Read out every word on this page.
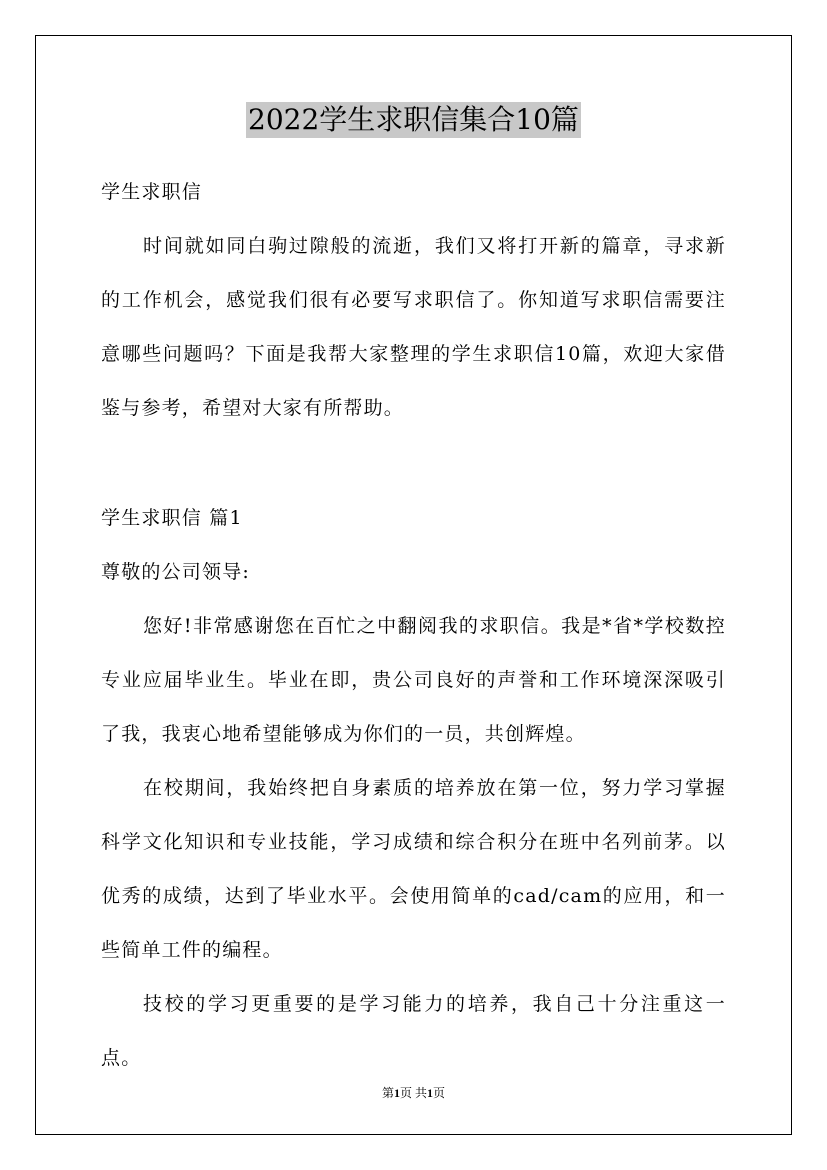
2022学生求职信集合10篇

学生求职信

时间就如同白驹过隙般的流逝，我们又将打开新的篇章，寻求新的工作机会，感觉我们很有必要写求职信了。你知道写求职信需要注意哪些问题吗？下面是我帮大家整理的学生求职信10篇，欢迎大家借鉴与参考，希望对大家有所帮助。

学生求职信 篇1

尊敬的公司领导:

您好!非常感谢您在百忙之中翻阅我的求职信。我是*省*学校数控专业应届毕业生。毕业在即，贵公司良好的声誉和工作环境深深吸引了我，我衷心地希望能够成为你们的一员，共创辉煌。

在校期间，我始终把自身素质的培养放在第一位，努力学习掌握科学文化知识和专业技能，学习成绩和综合积分在班中名列前茅。以优秀的成绩，达到了毕业水平。会使用简单的cad/cam的应用，和一些简单工件的编程。

技校的学习更重要的是学习能力的培养，我自己十分注重这一点。

第1页 共1页
